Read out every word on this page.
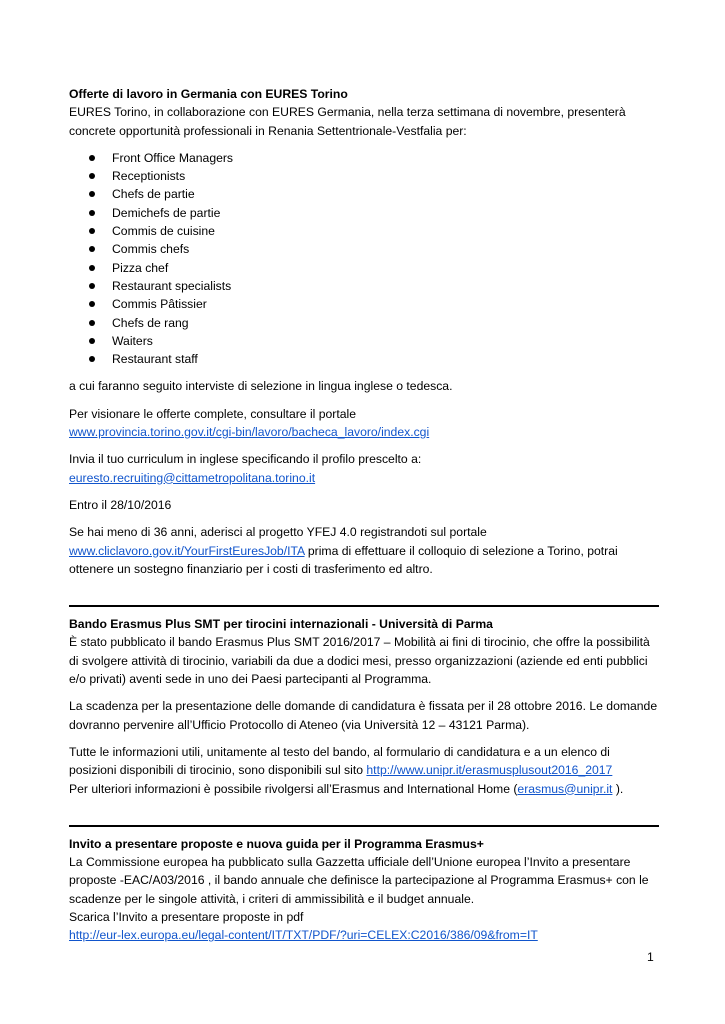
Offerte di lavoro in Germania con EURES Torino

EURES Torino, in collaborazione con EURES Germania, nella terza settimana di novembre, presenterà concrete opportunità professionali in Renania Settentrionale-Vestfalia per:

Front Office Managers
Receptionists
Chefs de partie
Demichefs de partie
Commis de cuisine
Commis chefs
Pizza chef
Restaurant specialists
Commis Pâtissier
Chefs de rang
Waiters
Restaurant staff

a cui faranno seguito interviste di selezione in lingua inglese o tedesca.

Per visionare le offerte complete, consultare il portale

www.provincia.torino.gov.it/cgi-bin/lavoro/bacheca_lavoro/index.cgi

Invia il tuo curriculum in inglese specificando il profilo prescelto a:

euresto.recruiting@cittametropolitana.torino.it

Entro il 28/10/2016

Se hai meno di 36 anni, aderisci al progetto YFEJ 4.0 registrandoti sul portale

www.cliclavoro.gov.it/YourFirstEuresJob/ITA prima di effettuare il colloquio di selezione a Torino, potrai ottenere un sostegno finanziario per i costi di trasferimento ed altro.

Bando Erasmus Plus SMT per tirocini internazionali - Università di Parma

È stato pubblicato il bando Erasmus Plus SMT 2016/2017 – Mobilità ai fini di tirocinio, che offre la possibilità di svolgere attività di tirocinio, variabili da due a dodici mesi, presso organizzazioni (aziende ed enti pubblici e/o privati) aventi sede in uno dei Paesi partecipanti al Programma.

La scadenza per la presentazione delle domande di candidatura è fissata per il 28 ottobre 2016. Le domande dovranno pervenire all’Ufficio Protocollo di Ateneo (via Università 12 – 43121 Parma).

Tutte le informazioni utili, unitamente al testo del bando, al formulario di candidatura e a un elenco di posizioni disponibili di tirocinio, sono disponibili sul sito http://www.unipr.it/erasmusplusout2016_2017

Per ulteriori informazioni è possibile rivolgersi all’Erasmus and International Home (erasmus@unipr.it ).

Invito a presentare proposte e nuova guida per il Programma Erasmus+

La Commissione europea ha pubblicato sulla Gazzetta ufficiale dell’Unione europea l’Invito a presentare proposte -EAC/A03/2016 , il bando annuale che definisce la partecipazione al Programma Erasmus+ con le scadenze per le singole attività, i criteri di ammissibilità e il budget annuale.

Scarica l’Invito a presentare proposte in pdf

http://eur-lex.europa.eu/legal-content/IT/TXT/PDF/?uri=CELEX:C2016/386/09&from=IT

1
